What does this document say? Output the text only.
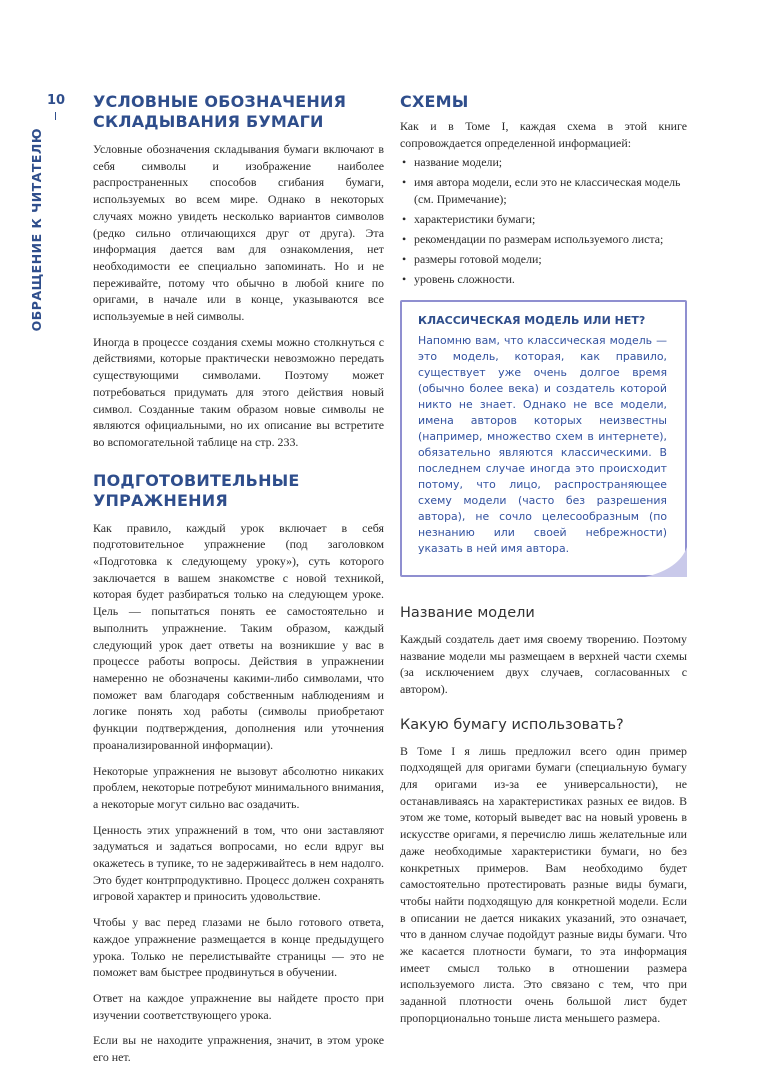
10
ОБРАЩЕНИЕ К ЧИТАТЕЛЮ
УСЛОВНЫЕ ОБОЗНАЧЕНИЯ
СКЛАДЫВАНИЯ БУМАГИ

Условные обозначения складывания бумаги включают в себя символы и изображение наиболее распространенных способов сгибания бумаги, используемых во всем мире. Однако в некоторых случаях можно увидеть несколько вариантов символов (редко сильно отличающихся друг от друга). Эта информация дается вам для ознакомления, нет необходимости ее специально запоминать. Но и не переживайте, потому что обычно в любой книге по оригами, в начале или в конце, указываются все используемые в ней символы.

Иногда в процессе создания схемы можно столкнуться с действиями, которые практически невозможно передать существующими символами. Поэтому может потребоваться придумать для этого действия новый символ. Созданные таким образом новые символы не являются официальными, но их описание вы встретите во вспомогательной таблице на стр. 233.

ПОДГОТОВИТЕЛЬНЫЕ УПРАЖНЕНИЯ

Как правило, каждый урок включает в себя подготовительное упражнение (под заголовком «Подготовка к следующему уроку»), суть которого заключается в вашем знакомстве с новой техникой, которая будет разбираться только на следующем уроке. Цель — попытаться понять ее самостоятельно и выполнить упражнение. Таким образом, каждый следующий урок дает ответы на возникшие у вас в процессе работы вопросы. Действия в упражнении намеренно не обозначены какими-либо символами, что поможет вам благодаря собственным наблюдениям и логике понять ход работы (символы приобретают функции подтверждения, дополнения или уточнения проанализированной информации).

Некоторые упражнения не вызовут абсолютно никаких проблем, некоторые потребуют минимального внимания, а некоторые могут сильно вас озадачить.

Ценность этих упражнений в том, что они заставляют задуматься и задаться вопросами, но если вдруг вы окажетесь в тупике, то не задерживайтесь в нем надолго. Это будет контрпродуктивно. Процесс должен сохранять игровой характер и приносить удовольствие.

Чтобы у вас перед глазами не было готового ответа, каждое упражнение размещается в конце предыдущего урока. Только не перелистывайте страницы — это не поможет вам быстрее продвинуться в обучении.

Ответ на каждое упражнение вы найдете просто при изучении соответствующего урока.

Если вы не находите упражнения, значит, в этом уроке его нет.

СХЕМЫ

Как и в Томе I, каждая схема в этой книге сопровождается определенной информацией:

• название модели;
• имя автора модели, если это не классическая модель (см. Примечание);
• характеристики бумаги;
• рекомендации по размерам используемого листа;
• размеры готовой модели;
• уровень сложности.
КЛАССИЧЕСКАЯ МОДЕЛЬ ИЛИ НЕТ?

Напомню вам, что классическая модель — это модель, которая, как правило, существует уже очень долгое время (обычно более века) и создатель которой никто не знает. Однако не все модели, имена авторов которых неизвестны (например, множество схем в интернете), обязательно являются классическими. В последнем случае иногда это происходит потому, что лицо, распространяющее схему модели (часто без разрешения автора), не сочло целесообразным (по незнанию или своей небрежности) указать в ней имя автора.

Название модели

Каждый создатель дает имя своему творению. Поэтому название модели мы размещаем в верхней части схемы (за исключением двух случаев, согласованных с автором).

Какую бумагу использовать?

В Томе I я лишь предложил всего один пример подходящей для оригами бумаги (специальную бумагу для оригами из-за ее универсальности), не останавливаясь на характеристиках разных ее видов. В этом же томе, который выведет вас на новый уровень в искусстве оригами, я перечислю лишь желательные или даже необходимые характеристики бумаги, но без конкретных примеров. Вам необходимо будет самостоятельно протестировать разные виды бумаги, чтобы найти подходящую для конкретной модели. Если в описании не дается никаких указаний, это означает, что в данном случае подойдут разные виды бумаги. Что же касается плотности бумаги, то эта информация имеет смысл только в отношении размера используемого листа. Это связано с тем, что при заданной плотности очень большой лист будет пропорционально тоньше листа меньшего размера.
